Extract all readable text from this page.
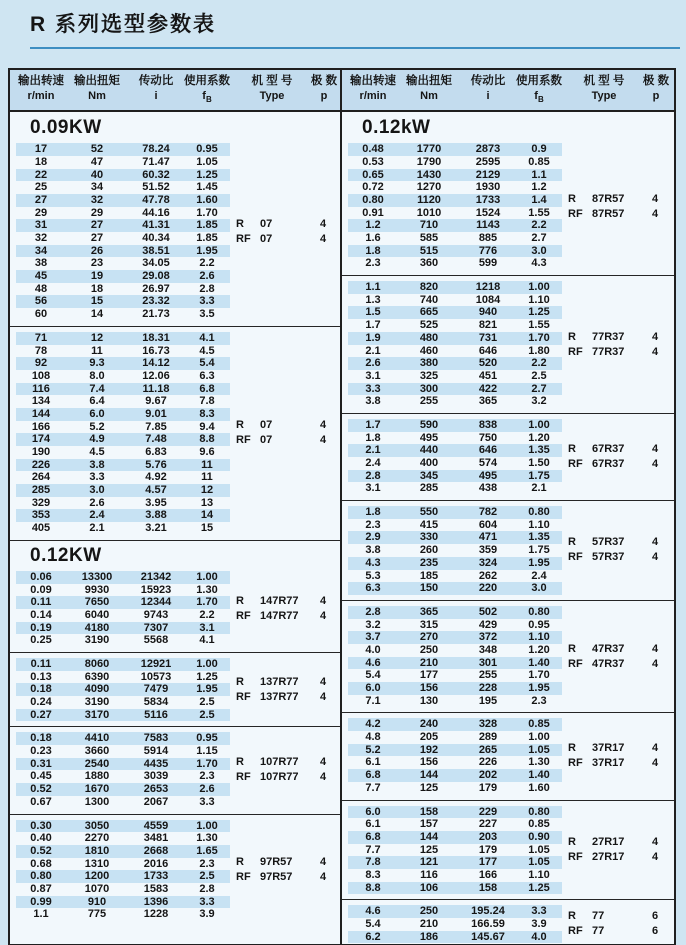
R 系列选型参数表
输出转速 输出扭矩	传动比 使用系数	机 型 号	极 数
r/min	Nm	i	$f_B$	Type	p
0.09KW
17	52	78.24	0.95
18	47	71.47	1.05
22	40	60.32	1.25
25	34	51.52	1.45
27	32	47.78	1.60
29	29	44.16	1.70
31	27	41.31	1.85
32	27	40.34	1.85
34	26	38.51	1.95
38	23	34.05	2.2
45	19	29.08	2.6
48	18	26.97	2.8
56	15	23.32	3.3
60	14	21.73	3.5
R	07	4
RF 07	4
71	12	18.31	4.1
78	11	16.73	4.5
92	9.3	14.12	5.4
108	8.0	12.06	6.3
116	7.4	11.18	6.8
134	6.4	9.67	7.8
144	6.0	9.01	8.3
166	5.2	7.85	9.4
174	4.9	7.48	8.8
190	4.5	6.83	9.6
226	3.8	5.76	11
264	3.3	4.92	11
285	3.0	4.57	12
329	2.6	3.95	13
353	2.4	3.88	14
405	2.1	3.21	15
R	07	4
RF 07	4
0.12KW
0.06	13300	21342	1.00
0.09	9930	15923	1.30
0.11	7650	12344	1.70
0.14	6040	9743	2.2
0.19	4180	7307	3.1
0.25	3190	5568	4.1
R	147R77	4
RF 147R77	4
0.11	8060	12921	1.00
0.13	6390	10573	1.25
0.18	4090	7479	1.95
0.24	3190	5834	2.5
0.27	3170	5116	2.5
R	137R77	4
RF 137R77	4
0.18	4410	7583	0.95
0.23	3660	5914	1.15
0.31	2540	4435	1.70
0.45	1880	3039	2.3
0.52	1670	2653	2.6
0.67	1300	2067	3.3
R	107R77	4
RF 107R77	4
0.30	3050	4559	1.00
0.40	2270	3481	1.30
0.52	1810	2668	1.65
0.68	1310	2016	2.3
0.80	1200	1733	2.5
0.87	1070	1583	2.8
0.99	910	1396	3.3
1.1	775	1228	3.9
R	97R57	4
RF 97R57	4
输出转速 输出扭矩	传动比 使用系数	机 型 号	极 数
r/min	Nm	i	$f_B$	Type	p
0.12kW
0.48	1770	2873	0.9
0.53	1790	2595	0.85
0.65	1430	2129	1.1
0.72	1270	1930	1.2
0.80	1120	1733	1.4
0.91	1010	1524	1.55
1.2	710	1143	2.2
1.6	585	885	2.7
1.8	515	776	3.0
2.3	360	599	4.3
R	87R57	4
RF 87R57	4
1.1	820	1218	1.00
1.3	740	1084	1.10
1.5	665	940	1.25
1.7	525	821	1.55
1.9	480	731	1.70
2.1	460	646	1.80
2.6	380	520	2.2
3.1	325	451	2.5
3.3	300	422	2.7
3.8	255	365	3.2
R	77R37	4
RF 77R37	4
1.7	590	838	1.00
1.8	495	750	1.20
2.1	440	646	1.35
2.4	400	574	1.50
2.8	345	495	1.75
3.1	285	438	2.1
R	67R37	4
RF 67R37	4
1.8	550	782	0.80
2.3	415	604	1.10
2.9	330	471	1.35
3.8	260	359	1.75
4.3	235	324	1.95
5.3	185	262	2.4
6.3	150	220	3.0
R	57R37	4
RF 57R37	4
2.8	365	502	0.80
3.2	315	429	0.95
3.7	270	372	1.10
4.0	250	348	1.20
4.6	210	301	1.40
5.4	177	255	1.70
6.0	156	228	1.95
7.1	130	195	2.3
R	47R37	4
RF 47R37	4
4.2	240	328	0.85
4.8	205	289	1.00
5.2	192	265	1.05
6.1	156	226	1.30
6.8	144	202	1.40
7.7	125	179	1.60
R	37R17	4
RF 37R17	4
6.0	158	229	0.80
6.1	157	227	0.85
6.8	144	203	0.90
7.7	125	179	1.05
7.8	121	177	1.05
8.3	116	166	1.10
8.8	106	158	1.25
R	27R17	4
RF 27R17	4
4.6	250	195.24	3.3
5.4	210	166.59	3.9
6.2	186	145.67	4.0
R	77	6
RF 77	6
